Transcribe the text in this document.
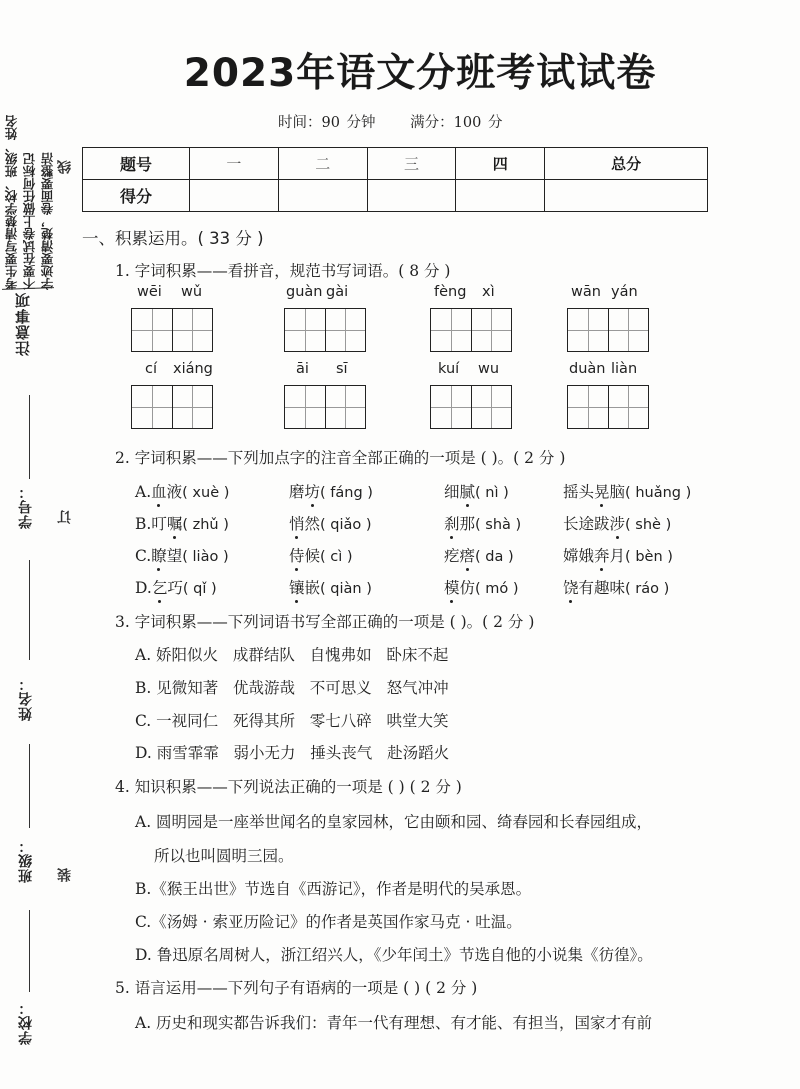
考生要写清楚学校、班级、姓名 不要在试卷上做任何标记 字迹要清楚，卷面要整洁
注意事项
线
订
装
学号：
姓名：
班级：
学校：
2023年语文分班考试试卷
时间：90 分钟 满分：100 分
题号	一	二	三	四	总分
得分					
一、积累运用。( 33 分 )
1. 字词积累——看拼音，规范书写词语。( 8 分 )
wēi wǔ	guàn gài	fèng xì	wān yán
cí xiáng	āi sī	kuí wu	duàn liàn
2. 字词积累——下列加点字的注音全部正确的一项是 ( )。( 2 分 )
A.血液( xuè )	磨坊( fáng )	细腻( nì )	摇头晃脑( huǎng )
B.叮嘱( zhǔ )	悄然( qiǎo )	刹那( shà )	长途跋涉( shè )
C.瞭望( liào )	侍候( cì )	疙瘩( da )	嫦娥奔月( bèn )
D.乞巧( qǐ )	镶嵌( qiàn )	模仿( mó )	饶有趣味( ráo )
3. 字词积累——下列词语书写全部正确的一项是 ( )。( 2 分 )
A. 娇阳似火   成群结队   自愧弗如   卧床不起
B. 见微知著   优哉游哉   不可思义   怒气冲冲
C. 一视同仁   死得其所   零七八碎   哄堂大笑
D. 雨雪霏霏   弱小无力   捶头丧气   赴汤蹈火
4. 知识积累——下列说法正确的一项是 ( ) ( 2 分 )
A. 圆明园是一座举世闻名的皇家园林，它由颐和园、绮春园和长春园组成，
所以也叫圆明三园。
B.《猴王出世》节选自《西游记》，作者是明代的吴承恩。
C.《汤姆 · 索亚历险记》的作者是英国作家马克 · 吐温。
D. 鲁迅原名周树人，浙江绍兴人，《少年闰土》节选自他的小说集《彷徨》。
5. 语言运用——下列句子有语病的一项是 ( ) ( 2 分 )
A. 历史和现实都告诉我们：青年一代有理想、有才能、有担当，国家才有前
